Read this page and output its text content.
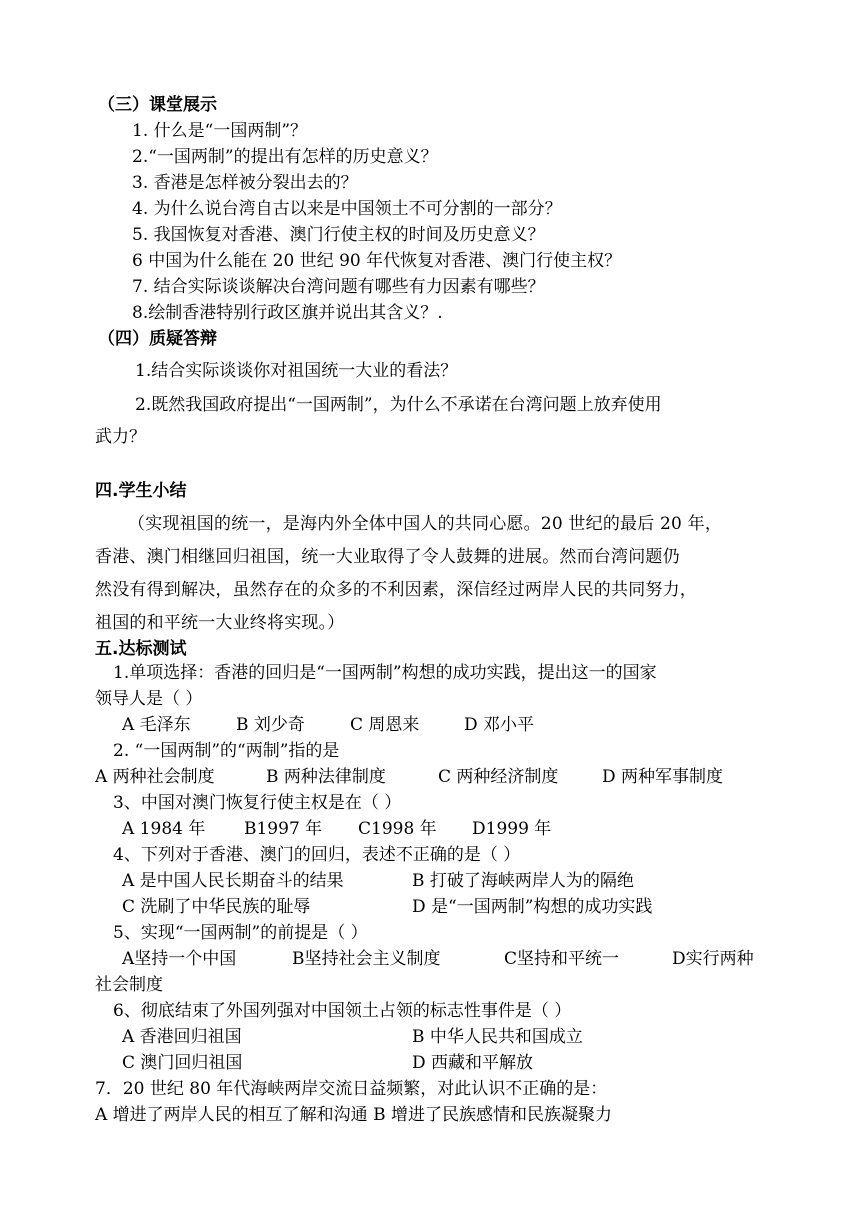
（三）课堂展示
1. 什么是“一国两制”？
2.“一国两制”的提出有怎样的历史意义？
3. 香港是怎样被分裂出去的？
4. 为什么说台湾自古以来是中国领土不可分割的一部分？
5. 我国恢复对香港、澳门行使主权的时间及历史意义？
6 中国为什么能在 20 世纪 90 年代恢复对香港、澳门行使主权？
7. 结合实际谈谈解决台湾问题有哪些有力因素有哪些？
8.绘制香港特别行政区旗并说出其含义？.
（四）质疑答辩
1.结合实际谈谈你对祖国统一大业的看法？
2.既然我国政府提出“一国两制”，为什么不承诺在台湾问题上放弃使用
武力？
四.学生小结
（实现祖国的统一，是海内外全体中国人的共同心愿。20 世纪的最后 20 年，
香港、澳门相继回归祖国，统一大业取得了令人鼓舞的进展。然而台湾问题仍
然没有得到解决，虽然存在的众多的不利因素，深信经过两岸人民的共同努力，
祖国的和平统一大业终将实现。）
五.达标测试
1.单项选择：香港的回归是“一国两制”构想的成功实践，提出这一的国家
领导人是（ ）
A 毛泽东	B 刘少奇	C 周恩来	D 邓小平
2. “一国两制”的“两制”指的是
A 两种社会制度	B 两种法律制度	C 两种经济制度	D 两种军事制度
3、中国对澳门恢复行使主权是在（ ）
A 1984 年 B1997 年 C1998 年 D1999 年
4、下列对于香港、澳门的回归，表述不正确的是（ ）
A 是中国人民长期奋斗的结果	B 打破了海峡两岸人为的隔绝
C 洗刷了中华民族的耻辱	D 是“一国两制”构想的成功实践
5、实现“一国两制”的前提是（ ）
A坚持一个中国	B坚持社会主义制度	C坚持和平统一	D实行两种
社会制度
6、彻底结束了外国列强对中国领土占领的标志性事件是（ ）
A 香港回归祖国	B 中华人民共和国成立
C 澳门回归祖国	D 西藏和平解放
7．20 世纪 80 年代海峡两岸交流日益频繁，对此认识不正确的是：
A 增进了两岸人民的相互了解和沟通 B 增进了民族感情和民族凝聚力
